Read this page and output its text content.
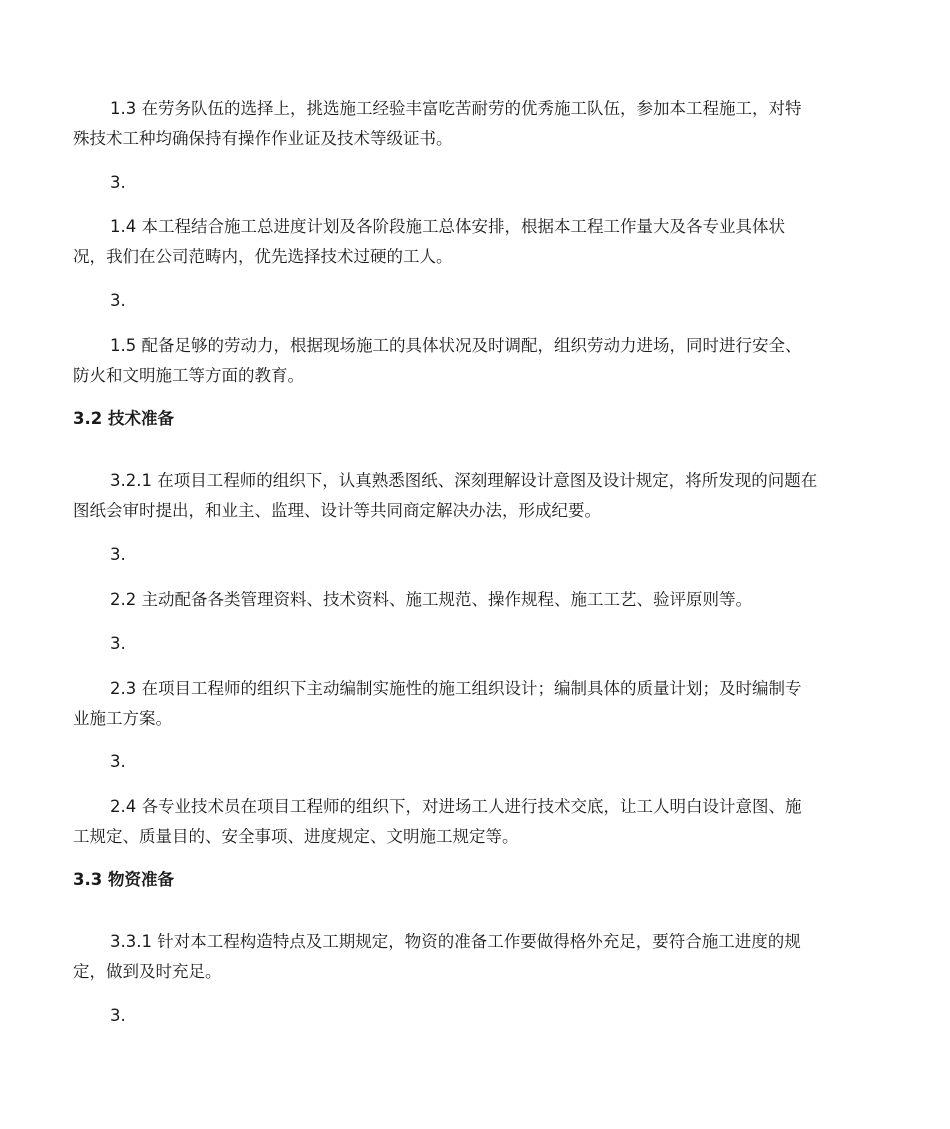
1.3 在劳务队伍的选择上，挑选施工经验丰富吃苦耐劳的优秀施工队伍，参加本工程施工，对特

殊技术工种均确保持有操作作业证及技术等级证书。

3.

1.4 本工程结合施工总进度计划及各阶段施工总体安排，根据本工程工作量大及各专业具体状

况，我们在公司范畴内，优先选择技术过硬的工人。

3.

1.5 配备足够的劳动力，根据现场施工的具体状况及时调配，组织劳动力进场，同时进行安全、

防火和文明施工等方面的教育。

3.2 技术准备

3.2.1 在项目工程师的组织下，认真熟悉图纸、深刻理解设计意图及设计规定，将所发现的问题在

图纸会审时提出，和业主、监理、设计等共同商定解决办法，形成纪要。

3.

2.2 主动配备各类管理资料、技术资料、施工规范、操作规程、施工工艺、验评原则等。

3.

2.3 在项目工程师的组织下主动编制实施性的施工组织设计；编制具体的质量计划；及时编制专

业施工方案。

3.

2.4 各专业技术员在项目工程师的组织下，对进场工人进行技术交底，让工人明白设计意图、施

工规定、质量目的、安全事项、进度规定、文明施工规定等。

3.3 物资准备

3.3.1 针对本工程构造特点及工期规定，物资的准备工作要做得格外充足，要符合施工进度的规

定，做到及时充足。

3.
